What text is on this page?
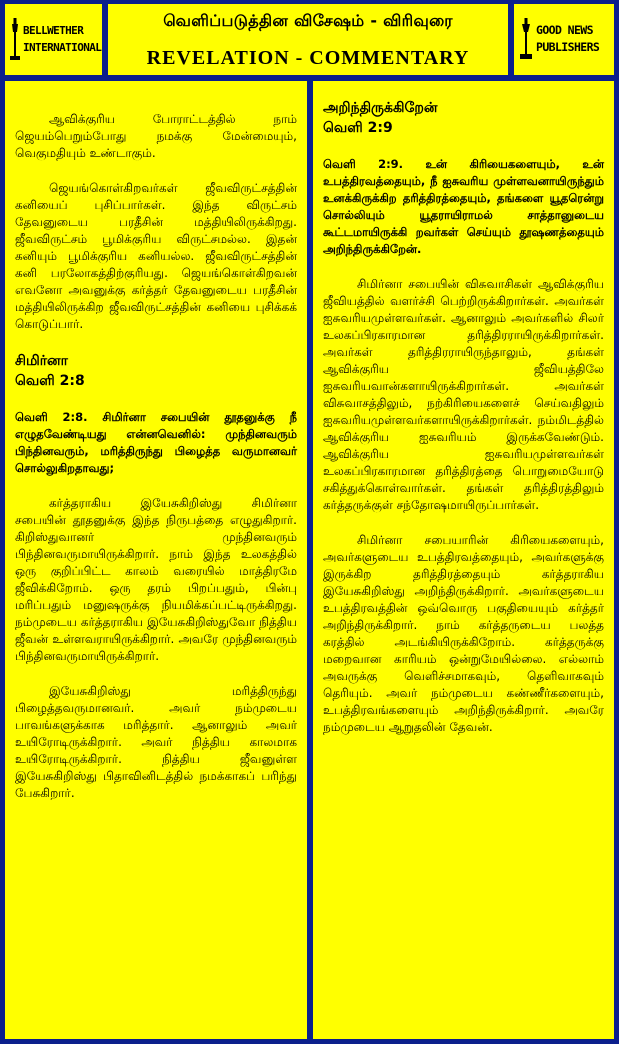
BELLWETHER
INTERNATIONAL
வெளிப்படுத்தின விசேஷம் - விரிவுரை
REVELATION - COMMENTARY
GOOD NEWS
PUBLISHERS

ஆவிக்குரிய போராட்டத்தில் நாம் ஜெயம்பெறும்போது நமக்கு மேன்மையும், வெகுமதியும் உண்டாகும்.

ஜெயங்கொள்கிறவர்கள் ஜீவவிருட்சத்தின் கனியைப் புசிப்பார்கள். இந்த விருட்சம் தேவனுடைய பரதீசின் மத்தியிலிருக்கிறது. ஜீவவிருட்சம் பூமிக்குரிய விருட்சமல்ல. இதன் கனியும் பூமிக்குரிய கனியல்ல. ஜீவவிருட்சத்தின் கனி பரலோகத்திற்குரியது. ஜெயங்கொள்கிறவன் எவனோ அவனுக்கு கர்த்தர் தேவனுடைய பரதீசின் மத்தியிலிருக்கிற ஜீவவிருட்சத்தின் கனியை புசிக்கக் கொடுப்பார்.

சிமிர்னா
வெளி 2:8

வெளி 2:8. சிமிர்னா சபையின் தூதனுக்கு நீ எழுதவேண்டியது என்னவெனில்: முந்தினவரும் பிந்தினவரும், மரித்திருந்து பிழைத்த வருமானவர் சொல்லுகிறதாவது;

கர்த்தராகிய இயேசுகிறிஸ்து சிமிர்னா சபையின் தூதனுக்கு இந்த நிருபத்தை எழுதுகிறார். கிறிஸ்துவானர் முந்தினவரும் பிந்தினவருமாயிருக்கிறார். நாம் இந்த உலகத்தில் ஒரு குறிப்பிட்ட காலம் வரையில் மாத்திரமே ஜீவிக்கிறோம். ஒரு தரம் பிறப்பதும், பின்பு மரிப்பதும் மனுஷருக்கு நியமிக்கப்பட்டிருக்கிறது. நம்முடைய கர்த்தராகிய இயேசுகிறிஸ்துவோ நித்திய ஜீவன் உள்ளவராயிருக்கிறார். அவரே முந்தினவரும் பிந்தினவருமாயிருக்கிறார்.

இயேசுகிறிஸ்து மரித்திருந்து பிழைத்தவருமானவர். அவர் நம்முடைய பாவங்களுக்காக மரித்தார். ஆனாலும் அவர் உயிரோடிருக்கிறார். அவர் நித்திய காலமாக உயிரோடிருக்கிறார். நித்திய ஜீவனுள்ள இயேசுகிறிஸ்து பிதாவினிடத்தில் நமக்காகப் பரிந்து பேசுகிறார்.

அறிந்திருக்கிறேன்
வெளி 2:9

வெளி 2:9. உன் கிரியைகளையும், உன் உபத்திரவத்தையும், நீ ஐசுவரிய முள்ளவனாயிருந்தும் உனக்கிருக்கிற தரித்திரத்தையும், தங்களை யூதரென்று சொல்லியும் யூதராயிராமல் சாத்தானுடைய கூட்டமாயிருக்கி றவர்கள் செய்யும் தூஷணத்தையும் அறிந்திருக்கிறேன்.

சிமிர்னா சபையின் விசுவாசிகள் ஆவிக்குரிய ஜீவியத்தில் வளர்ச்சி பெற்றிருக்கிறார்கள். அவர்கள் ஐசுவரியமுள்ளவர்கள். ஆனாலும் அவர்களில் சிலர் உலகப்பிரகாரமான தரித்திரராயிருக்கிறார்கள். அவர்கள் தரித்திரராயிருந்தாலும், தங்கள் ஆவிக்குரிய ஜீவியத்திலே ஐசுவரியவான்களாயிருக்கிறார்கள். அவர்கள் விசுவாசத்திலும், நற்கிரியைகளைச் செய்வதிலும் ஐசுவரியமுள்ளவர்களாயிருக்கிறார்கள். நம்மிடத்தில் ஆவிக்குரிய ஐசுவரியம் இருக்கவேண்டும். ஆவிக்குரிய ஐசுவரியமுள்ளவர்கள் உலகப்பிரகாரமான தரித்திரத்தை பொறுமையோடு சகித்துக்கொள்வார்கள். தங்கள் தரித்திரத்திலும் கர்த்தருக்குள் சந்தோஷமாயிருப்பார்கள்.

சிமிர்னா சபையாரின் கிரியைகளையும், அவர்களுடைய உபத்திரவத்தையும், அவர்களுக்கு இருக்கிற தரித்திரத்தையும் கர்த்தராகிய இயேசுகிறிஸ்து அறிந்திருக்கிறார். அவர்களுடைய உபத்திரவத்தின் ஒவ்வொரு பகுதியையும் கர்த்தர் அறிந்திருக்கிறார். நாம் கர்த்தருடைய பலத்த கரத்தில் அடங்கியிருக்கிறோம். கர்த்தருக்கு மறைவான காரியம் ஒன்றுமேயில்லை. எல்லாம் அவருக்கு வெளிச்சமாகவும், தெளிவாகவும் தெரியும். அவர் நம்முடைய கண்ணீர்களையும், உபத்திரவங்களையும் அறிந்திருக்கிறார். அவரே நம்முடைய ஆறுதலின் தேவன்.
